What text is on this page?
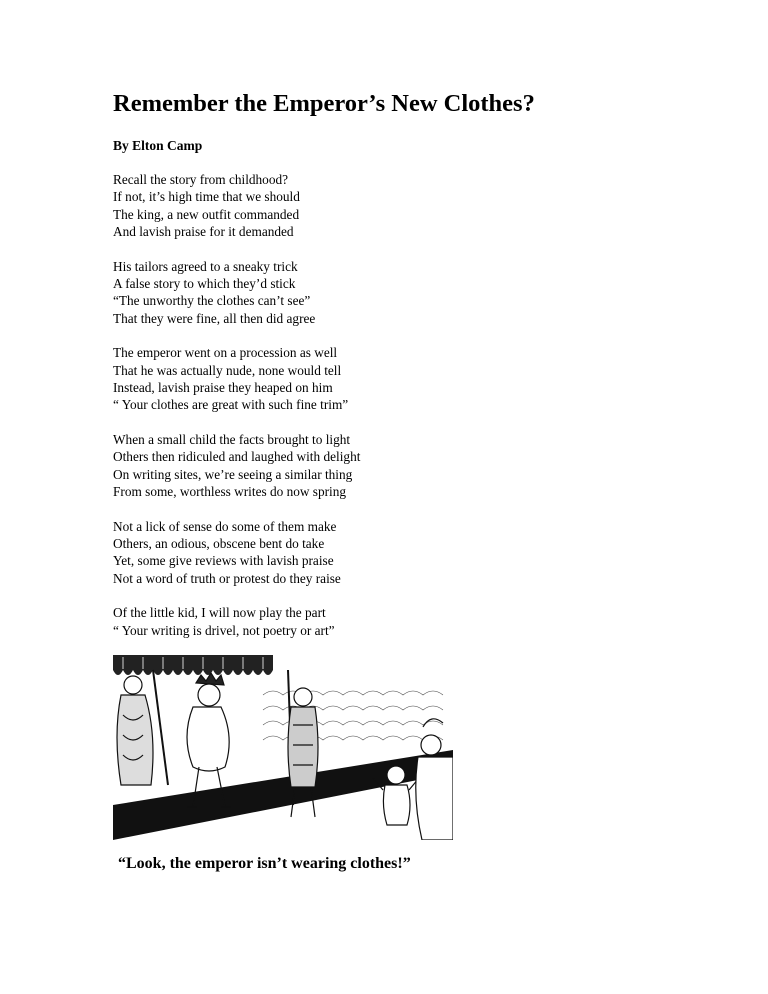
Remember the Emperor’s New Clothes?
By Elton Camp
Recall the story from childhood?
If not, it’s high time that we should
The king, a new outfit commanded
And lavish praise for it demanded
His tailors agreed to a sneaky trick
A false story to which they’d stick
“The unworthy the clothes can’t see”
That they were fine, all then did agree
The emperor went on a procession as well
That he was actually nude, none would tell
Instead, lavish praise they heaped on him
“ Your clothes are great with such fine trim”
When a small child the facts brought to light
Others then ridiculed and laughed with delight
On writing sites, we’re seeing a similar thing
From some, worthless writes do now spring
Not a lick of sense do some of them make
Others, an odious, obscene bent do take
Yet, some give reviews with lavish praise
Not a word of truth or protest do they raise
Of the little kid, I will now play the part
“ Your writing is drivel, not poetry or art”
“Look, the emperor isn’t wearing clothes!”
